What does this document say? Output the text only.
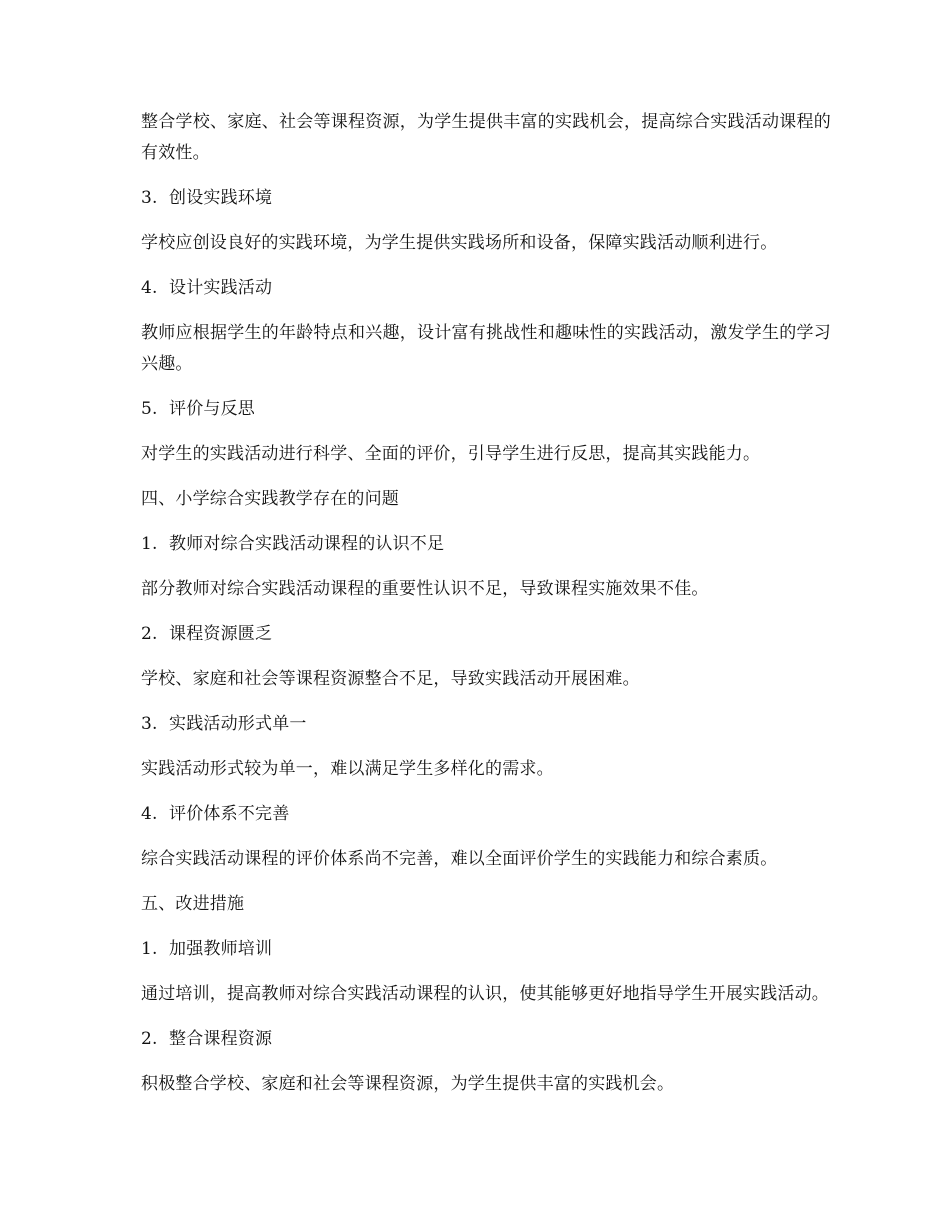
整合学校、家庭、社会等课程资源，为学生提供丰富的实践机会，提高综合实践活动课程的有效性。

3. 创设实践环境

学校应创设良好的实践环境，为学生提供实践场所和设备，保障实践活动顺利进行。

4. 设计实践活动

教师应根据学生的年龄特点和兴趣，设计富有挑战性和趣味性的实践活动，激发学生的学习兴趣。

5. 评价与反思

对学生的实践活动进行科学、全面的评价，引导学生进行反思，提高其实践能力。

四、小学综合实践教学存在的问题
1. 教师对综合实践活动课程的认识不足

部分教师对综合实践活动课程的重要性认识不足，导致课程实施效果不佳。

2. 课程资源匮乏

学校、家庭和社会等课程资源整合不足，导致实践活动开展困难。

3. 实践活动形式单一

实践活动形式较为单一，难以满足学生多样化的需求。

4. 评价体系不完善

综合实践活动课程的评价体系尚不完善，难以全面评价学生的实践能力和综合素质。

五、改进措施
1. 加强教师培训

通过培训，提高教师对综合实践活动课程的认识，使其能够更好地指导学生开展实践活动。

2. 整合课程资源

积极整合学校、家庭和社会等课程资源，为学生提供丰富的实践机会。
